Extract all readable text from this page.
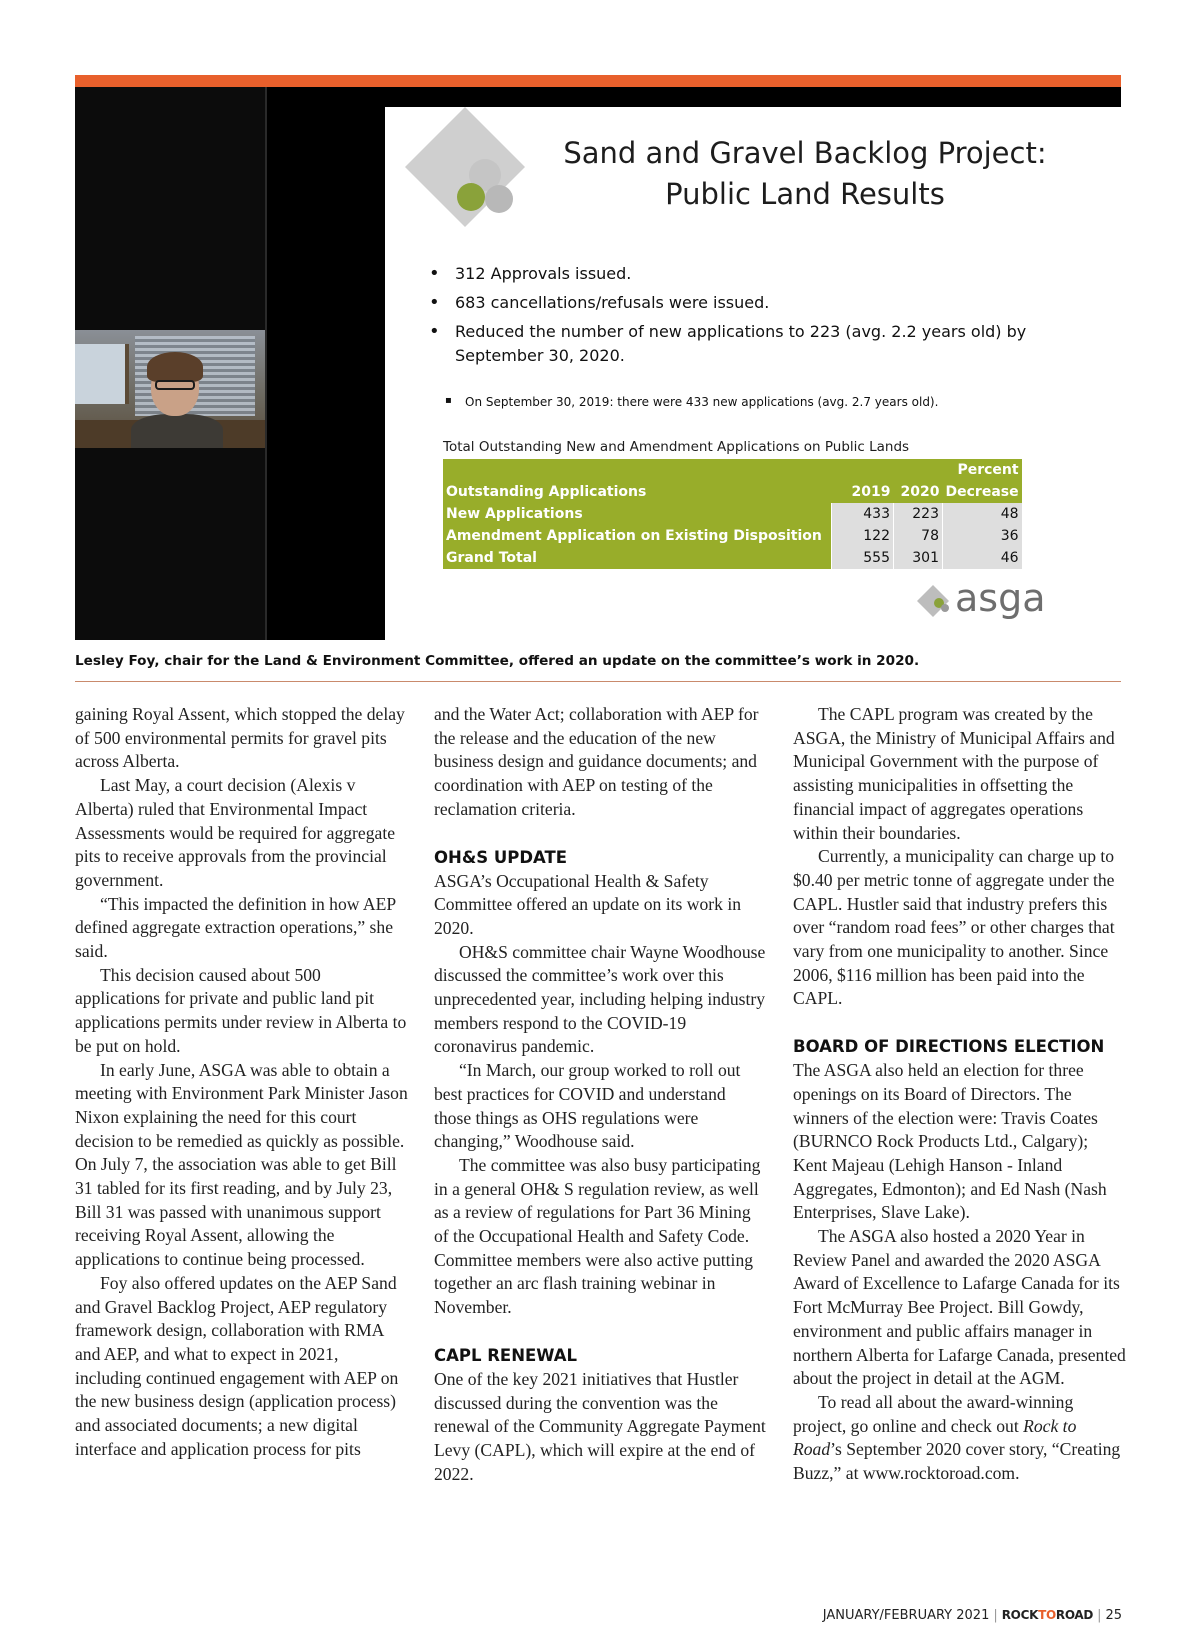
Sand and Gravel Backlog Project:
Public Land Results
• 312 Approvals issued.
• 683 cancellations/refusals were issued.
• Reduced the number of new applications to 223 (avg. 2.2 years old) by September 30, 2020.
▪ On September 30, 2019: there were 433 new applications (avg. 2.7 years old).
Total Outstanding New and Amendment Applications on Public Lands
			Percent
Outstanding Applications	2019	2020	Decrease
New Applications	433	223	48
Amendment Application on Existing Disposition	122	78	36
Grand Total	555	301	46
asga
Lesley Foy, chair for the Land & Environment Committee, offered an update on the committee’s work in 2020.

gaining Royal Assent, which stopped the delay of 500 environmental permits for gravel pits across Alberta.

Last May, a court decision (Alexis v Alberta) ruled that Environmental Impact Assessments would be required for aggregate pits to receive approvals from the provincial government.

“This impacted the definition in how AEP defined aggregate extraction operations,” she said.

This decision caused about 500 applications for private and public land pit applications permits under review in Alberta to be put on hold.

In early June, ASGA was able to obtain a meeting with Environment Park Minister Jason Nixon explaining the need for this court decision to be remedied as quickly as possible. On July 7, the association was able to get Bill 31 tabled for its first reading, and by July 23, Bill 31 was passed with unanimous support receiving Royal Assent, allowing the applications to continue being processed.

Foy also offered updates on the AEP Sand and Gravel Backlog Project, AEP regulatory framework design, collaboration with RMA and AEP, and what to expect in 2021, including continued engagement with AEP on the new business design (application process) and associated documents; a new digital interface and application process for pits

and the Water Act; collaboration with AEP for the release and the education of the new business design and guidance documents; and coordination with AEP on testing of the reclamation criteria.

OH&S UPDATE

ASGA’s Occupational Health & Safety Committee offered an update on its work in 2020.

OH&S committee chair Wayne Woodhouse discussed the committee’s work over this unprecedented year, including helping industry members respond to the COVID-19 coronavirus pandemic.

“In March, our group worked to roll out best practices for COVID and understand those things as OHS regulations were changing,” Woodhouse said.

The committee was also busy participating in a general OH& S regulation review, as well as a review of regulations for Part 36 Mining of the Occupational Health and Safety Code. Committee members were also active putting together an arc flash training webinar in November.

CAPL RENEWAL

One of the key 2021 initiatives that Hustler discussed during the convention was the renewal of the Community Aggregate Payment Levy (CAPL), which will expire at the end of 2022.

The CAPL program was created by the ASGA, the Ministry of Municipal Affairs and Municipal Government with the purpose of assisting municipalities in offsetting the financial impact of aggregates operations within their boundaries.

Currently, a municipality can charge up to $0.40 per metric tonne of aggregate under the CAPL. Hustler said that industry prefers this over “random road fees” or other charges that vary from one municipality to another. Since 2006, $116 million has been paid into the CAPL.

BOARD OF DIRECTIONS ELECTION

The ASGA also held an election for three openings on its Board of Directors. The winners of the election were: Travis Coates (BURNCO Rock Products Ltd., Calgary); Kent Majeau (Lehigh Hanson - Inland Aggregates, Edmonton); and Ed Nash (Nash Enterprises, Slave Lake).

The ASGA also hosted a 2020 Year in Review Panel and awarded the 2020 ASGA Award of Excellence to Lafarge Canada for its Fort McMurray Bee Project. Bill Gowdy, environment and public affairs manager in northern Alberta for Lafarge Canada, presented about the project in detail at the AGM.

To read all about the award-winning project, go online and check out Rock to Road’s September 2020 cover story, “Creating Buzz,” at www.rocktoroad.com.

JANUARY/FEBRUARY 2021 | ROCKTOROAD | 25
